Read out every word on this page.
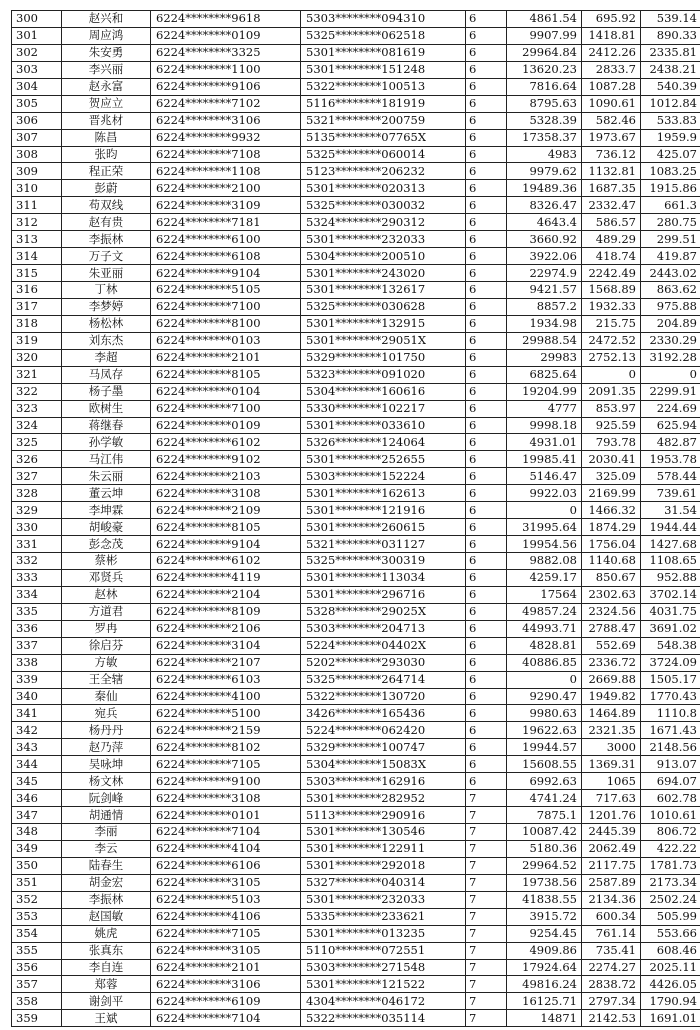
300	赵兴和	6224********9618	5303********094310	6	4861.54	695.92	539.14
301	周应鸿	6224********0109	5325********062518	6	9907.99	1418.81	890.33
302	朱安勇	6224********3325	5301********081619	6	29964.84	2412.26	2335.81
303	李兴丽	6224********1100	5301********151248	6	13620.23	2833.7	2438.21
304	赵永富	6224********9106	5322********100513	6	7816.64	1087.28	540.39
305	贺应立	6224********7102	5116********181919	6	8795.63	1090.61	1012.84
306	晋兆材	6224********3106	5321********200759	6	5328.39	582.46	533.83
307	陈昌	6224********9932	5135********07765X	6	17358.37	1973.67	1959.9
308	张昀	6224********7108	5325********060014	6	4983	736.12	425.07
309	程正荣	6224********1108	5123********206232	6	9979.62	1132.81	1083.25
310	彭蔚	6224********2100	5301********020313	6	19489.36	1687.35	1915.86
311	苟双线	6224********3109	5325********030032	6	8326.47	2332.47	661.3
312	赵有贵	6224********7181	5324********290312	6	4643.4	586.57	280.75
313	李振林	6224********6100	5301********232033	6	3660.92	489.29	299.51
314	万子文	6224********6108	5304********200510	6	3922.06	418.74	419.87
315	朱亚丽	6224********9104	5301********243020	6	22974.9	2242.49	2443.02
316	丁林	6224********5105	5301********132617	6	9421.57	1568.89	863.62
317	李梦婷	6224********7100	5325********030628	6	8857.2	1932.33	975.88
318	杨松林	6224********8100	5301********132915	6	1934.98	215.75	204.89
319	刘东杰	6224********0103	5301********29051X	6	29988.54	2472.52	2330.29
320	李超	6224********2101	5329********101750	6	29983	2752.13	3192.28
321	马凤存	6224********8105	5323********091020	6	6825.64	0	0
322	杨子墨	6224********0104	5304********160616	6	19204.99	2091.35	2299.91
323	欧树生	6224********7100	5330********102217	6	4777	853.97	224.69
324	蒋继春	6224********0109	5301********033610	6	9998.18	925.59	625.94
325	孙学敏	6224********6102	5326********124064	6	4931.01	793.78	482.87
326	马江伟	6224********9102	5301********252655	6	19985.41	2030.41	1953.78
327	朱云丽	6224********2103	5303********152224	6	5146.47	325.09	578.44
328	董云坤	6224********3108	5301********162613	6	9922.03	2169.99	739.61
329	李坤霖	6224********2109	5301********121916	6	0	1466.32	31.54
330	胡峻豪	6224********8105	5301********260615	6	31995.64	1874.29	1944.44
331	彭念茂	6224********9104	5321********031127	6	19954.56	1756.04	1427.68
332	蔡彬	6224********6102	5325********300319	6	9882.08	1140.68	1108.65
333	邓贤兵	6224********4119	5301********113034	6	4259.17	850.67	952.88
334	赵林	6224********2104	5301********296716	6	17564	2302.63	3702.14
335	方道君	6224********8109	5328********29025X	6	49857.24	2324.56	4031.75
336	罗冉	6224********2106	5303********204713	6	44993.71	2788.47	3691.02
337	徐启芬	6224********3104	5224********04402X	6	4828.81	552.69	548.38
338	方敏	6224********2107	5202********293030	6	40886.85	2336.72	3724.09
339	王全辖	6224********6103	5325********264714	6	0	2669.88	1505.17
340	秦仙	6224********4100	5322********130720	6	9290.47	1949.82	1770.43
341	宛兵	6224********5100	3426********165436	6	9980.63	1464.89	1110.8
342	杨丹丹	6224********2159	5224********062420	6	19622.63	2321.35	1671.43
343	赵乃萍	6224********8102	5329********100747	6	19944.57	3000	2148.56
344	吴咏坤	6224********7105	5304********15083X	6	15608.55	1369.31	913.07
345	杨文林	6224********9100	5303********162916	6	6992.63	1065	694.07
346	阮剑峰	6224********3108	5301********282952	7	4741.24	717.63	602.78
347	胡通情	6224********0101	5113********290916	7	7875.1	1201.76	1010.61
348	李丽	6224********7104	5301********130546	7	10087.42	2445.39	806.72
349	李云	6224********4104	5301********122911	7	5180.36	2062.49	422.22
350	陆春生	6224********6106	5301********292018	7	29964.52	2117.75	1781.73
351	胡金宏	6224********3105	5327********040314	7	19738.56	2587.89	2173.34
352	李振林	6224********5103	5301********232033	7	41838.55	2134.36	2502.24
353	赵国敏	6224********4106	5335********233621	7	3915.72	600.34	505.99
354	姚虎	6224********7105	5301********013235	7	9254.45	761.14	553.66
355	张真东	6224********3105	5110********072551	7	4909.86	735.41	608.46
356	李自连	6224********2101	5303********271548	7	17924.64	2274.27	2025.11
357	郑蓉	6224********3106	5301********121522	7	49816.24	2838.72	4426.05
358	谢剑平	6224********6109	4304********046172	7	16125.71	2797.34	1790.94
359	王斌	6224********7104	5322********035114	7	14871	2142.53	1691.01
